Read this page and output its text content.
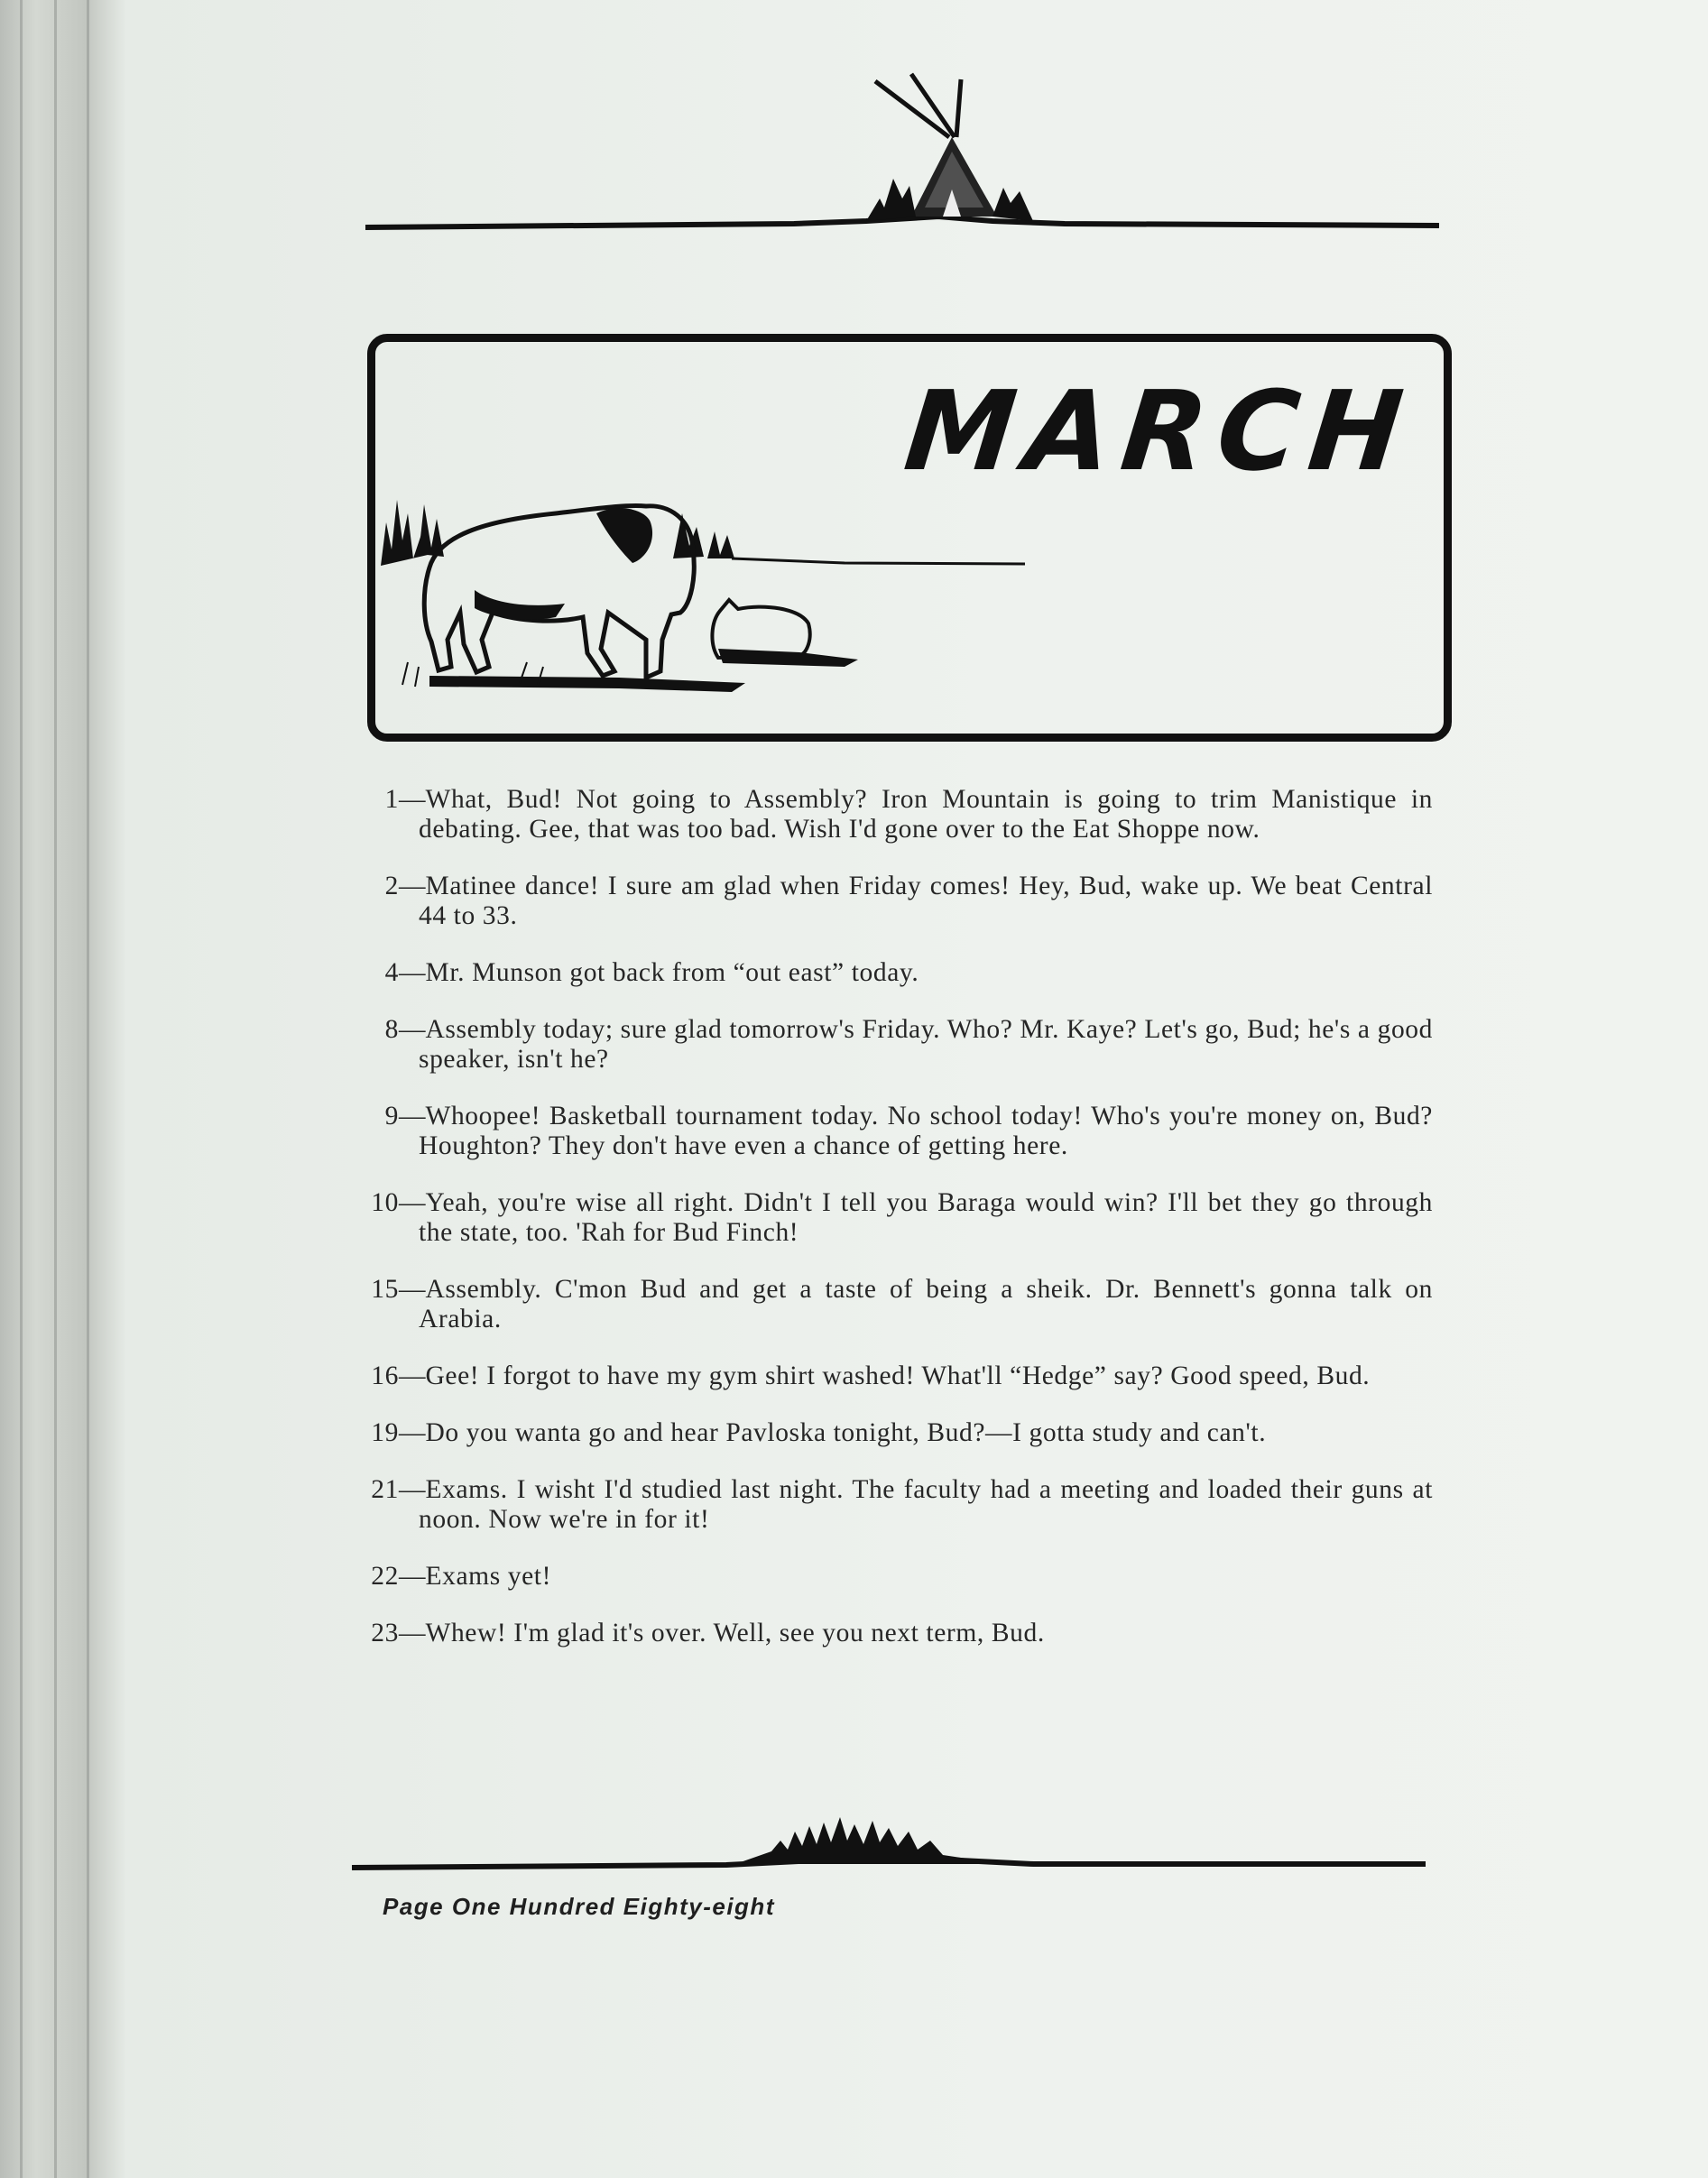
MARCH

1—What, Bud! Not going to Assembly? Iron Mountain is going to trim Manistique in debating. Gee, that was too bad. Wish I'd gone over to the Eat Shoppe now.

2—Matinee dance! I sure am glad when Friday comes! Hey, Bud, wake up. We beat Central 44 to 33.

4—Mr. Munson got back from “out east” today.

8—Assembly today; sure glad tomorrow's Friday. Who? Mr. Kaye? Let's go, Bud; he's a good speaker, isn't he?

9—Whoopee! Basketball tournament today. No school today! Who's you're money on, Bud? Houghton? They don't have even a chance of getting here.

10—Yeah, you're wise all right. Didn't I tell you Baraga would win? I'll bet they go through the state, too. 'Rah for Bud Finch!

15—Assembly. C'mon Bud and get a taste of being a sheik. Dr. Bennett's gonna talk on Arabia.

16—Gee! I forgot to have my gym shirt washed! What'll “Hedge” say? Good speed, Bud.

19—Do you wanta go and hear Pavloska tonight, Bud?—I gotta study and can't.

21—Exams. I wisht I'd studied last night. The faculty had a meeting and loaded their guns at noon. Now we're in for it!

22—Exams yet!

23—Whew! I'm glad it's over. Well, see you next term, Bud.

Page One Hundred Eighty-eight
